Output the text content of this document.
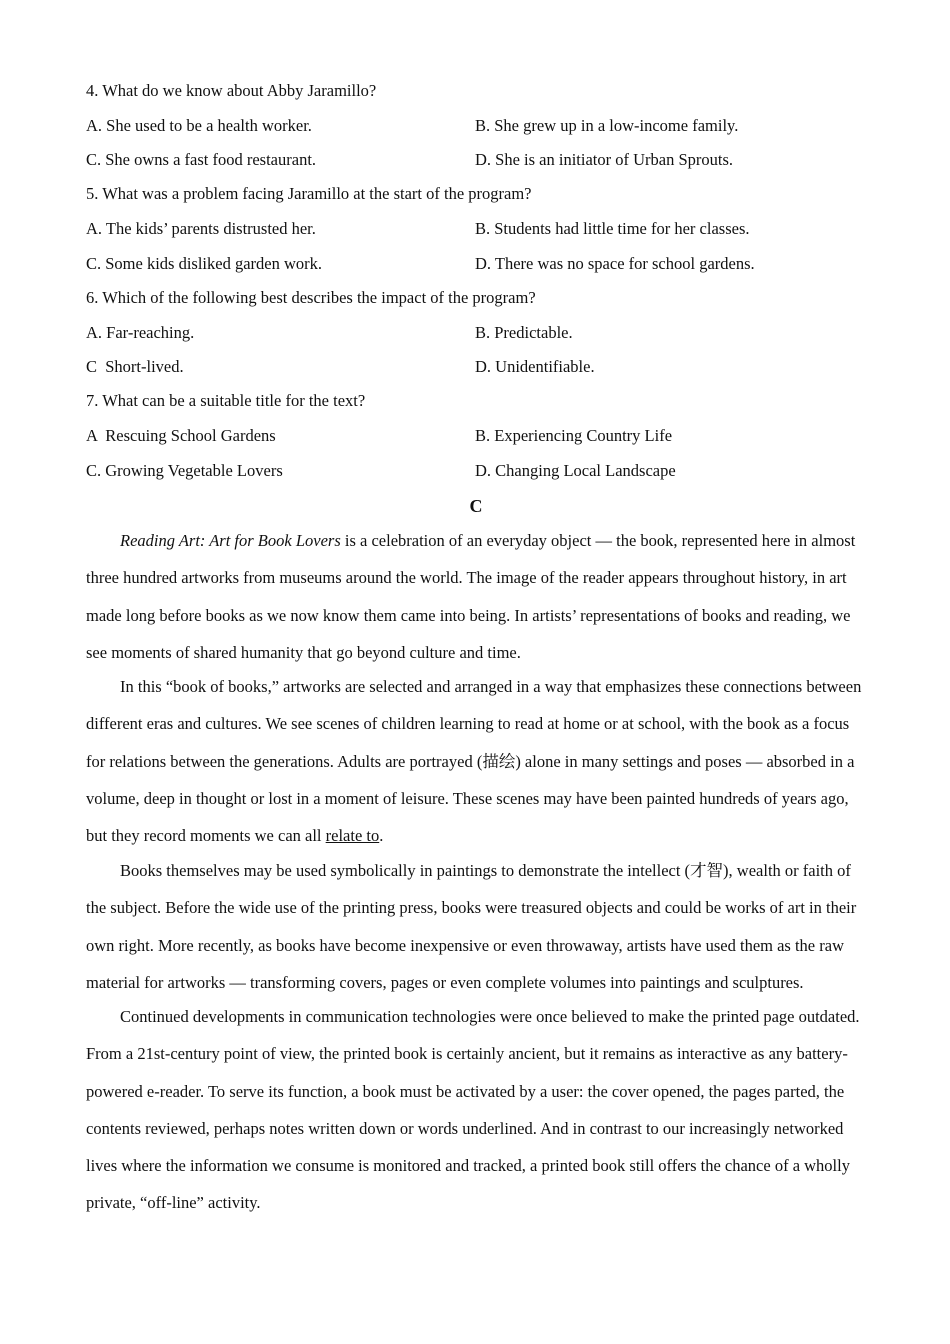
4. What do we know about Abby Jaramillo?
A. She used to be a health worker.	B. She grew up in a low-income family.
C. She owns a fast food restaurant.	D. She is an initiator of Urban Sprouts.
5. What was a problem facing Jaramillo at the start of the program?
A. The kids’ parents distrusted her.	B. Students had little time for her classes.
C. Some kids disliked garden work.	D. There was no space for school gardens.
6. Which of the following best describes the impact of the program?
A. Far-reaching.	B. Predictable.
C  Short-lived.	D. Unidentifiable.
7. What can be a suitable title for the text?
A  Rescuing School Gardens	B. Experiencing Country Life
C. Growing Vegetable Lovers	D. Changing Local Landscape
C

Reading Art: Art for Book Lovers is a celebration of an everyday object — the book, represented here in almost three hundred artworks from museums around the world. The image of the reader appears throughout history, in art made long before books as we now know them came into being. In artists’ representations of books and reading, we see moments of shared humanity that go beyond culture and time.

In this “book of books,” artworks are selected and arranged in a way that emphasizes these connections between different eras and cultures. We see scenes of children learning to read at home or at school, with the book as a focus for relations between the generations. Adults are portrayed (描绘) alone in many settings and poses — absorbed in a volume, deep in thought or lost in a moment of leisure. These scenes may have been painted hundreds of years ago, but they record moments we can all relate to.

Books themselves may be used symbolically in paintings to demonstrate the intellect (才智), wealth or faith of the subject. Before the wide use of the printing press, books were treasured objects and could be works of art in their own right. More recently, as books have become inexpensive or even throwaway, artists have used them as the raw material for artworks — transforming covers, pages or even complete volumes into paintings and sculptures.

Continued developments in communication technologies were once believed to make the printed page outdated. From a 21st-century point of view, the printed book is certainly ancient, but it remains as interactive as any battery-powered e-reader. To serve its function, a book must be activated by a user: the cover opened, the pages parted, the contents reviewed, perhaps notes written down or words underlined. And in contrast to our increasingly networked lives where the information we consume is monitored and tracked, a printed book still offers the chance of a wholly private, “off-line” activity.
